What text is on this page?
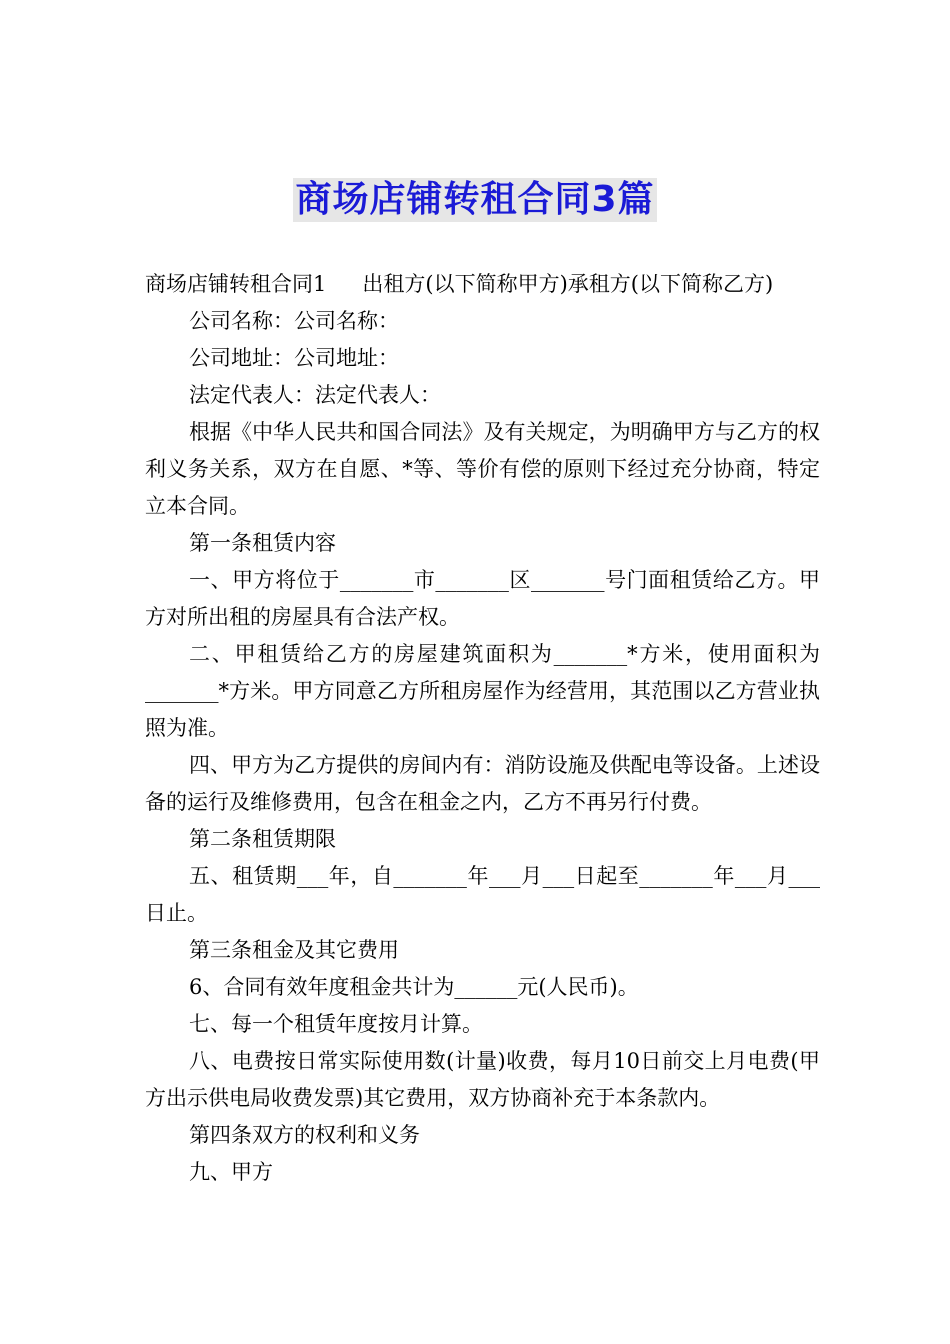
商场店铺转租合同3篇

商场店铺转租合同1 出租方(以下简称甲方)承租方(以下简称乙方)

公司名称：公司名称：

公司地址：公司地址：

法定代表人：法定代表人：

根据《中华人民共和国合同法》及有关规定，为明确甲方与乙方的权利义务关系，双方在自愿、*等、等价有偿的原则下经过充分协商，特定立本合同。

第一条租赁内容

一、甲方将位于_______市_______区_______号门面租赁给乙方。甲方对所出租的房屋具有合法产权。

二、甲租赁给乙方的房屋建筑面积为_______*方米，使用面积为_______*方米。甲方同意乙方所租房屋作为经营用，其范围以乙方营业执照为准。

四、甲方为乙方提供的房间内有：消防设施及供配电等设备。上述设备的运行及维修费用，包含在租金之内，乙方不再另行付费。

第二条租赁期限

五、租赁期___年，自_______年___月___日起至_______年___月___日止。

第三条租金及其它费用

6、合同有效年度租金共计为______元(人民币)。

七、每一个租赁年度按月计算。

八、电费按日常实际使用数(计量)收费，每月10日前交上月电费(甲方出示供电局收费发票)其它费用，双方协商补充于本条款内。

第四条双方的权利和义务

九、甲方
